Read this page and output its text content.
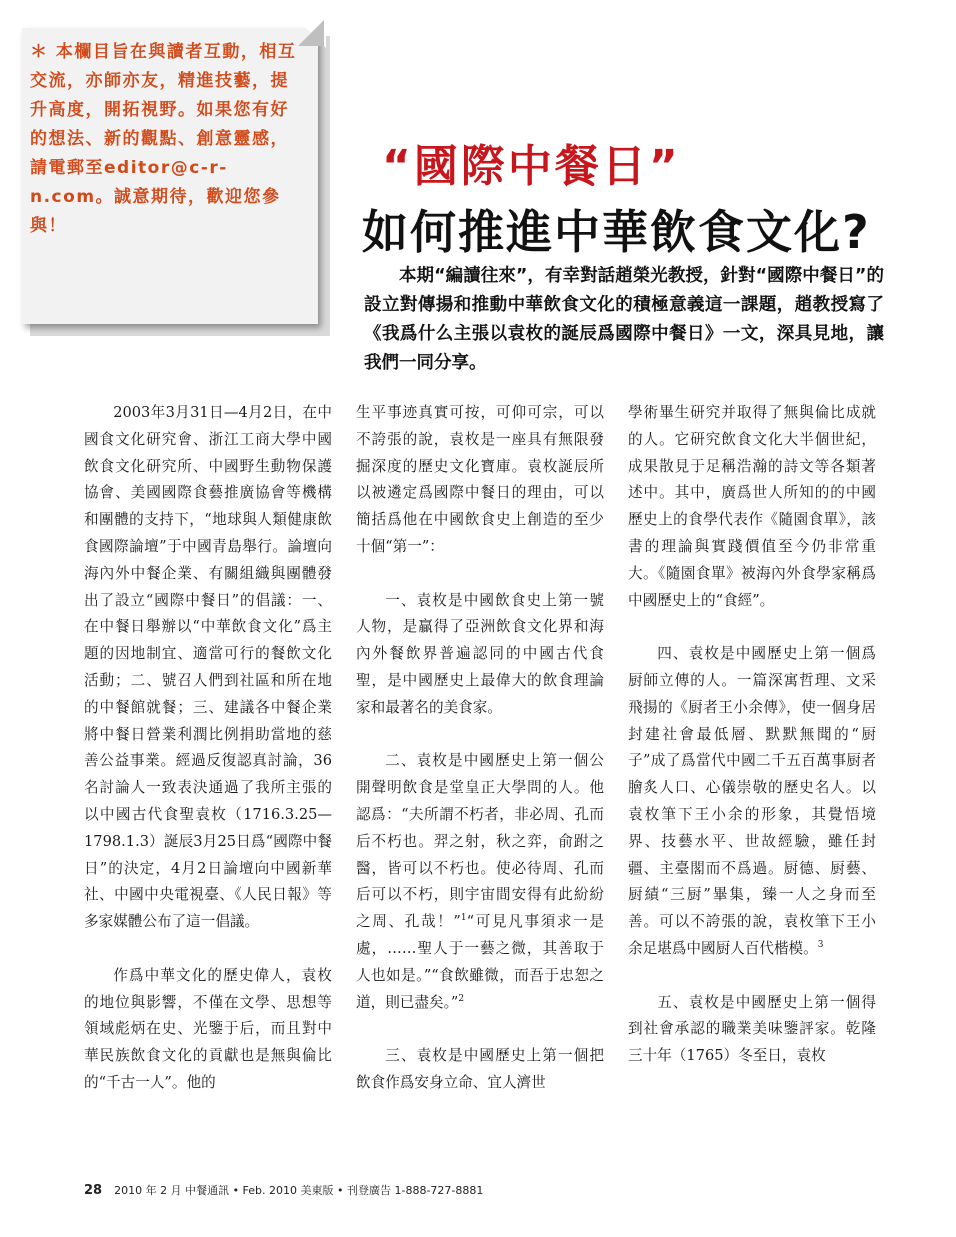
＊ 本欄目旨在與讀者互動，相互交流，亦師亦友，精進技藝，提升高度，開拓視野。如果您有好的想法、新的觀點、創意靈感，請電郵至editor@c-r-n.com。誠意期待，歡迎您參與！
“國際中餐日”
如何推進中華飲食文化?
本期“編讀往來”，有幸對話趙榮光教授，針對“國際中餐日”的設立對傳揚和推動中華飲食文化的積極意義這一課題，趙教授寫了《我爲什么主張以袁枚的誕辰爲國際中餐日》一文，深具見地，讓我們一同分享。

2003年3月31日—4月2日，在中國食文化研究會、浙江工商大學中國飲食文化研究所、中國野生動物保護協會、美國國際食藝推廣協會等機構和團體的支持下，“地球與人類健康飲食國際論壇”于中國青島舉行。論壇向海內外中餐企業、有關組織與團體發出了設立“國際中餐日”的倡議：一、在中餐日舉辦以“中華飲食文化”爲主題的因地制宜、適當可行的餐飲文化活動；二、號召人們到社區和所在地的中餐館就餐；三、建議各中餐企業將中餐日營業利潤比例捐助當地的慈善公益事業。經過反復認真討論，36名討論人一致表決通過了我所主張的以中國古代食聖袁枚（1716.3.25—1798.1.3）誕辰3月25日爲“國際中餐日”的決定，4月2日論壇向中國新華社、中國中央電視臺、《人民日報》等多家媒體公布了這一倡議。

作爲中華文化的歷史偉人，袁枚的地位與影響，不僅在文學、思想等領域彪炳在史、光鑒于后，而且對中華民族飲食文化的貢獻也是無與倫比的“千古一人”。他的

生平事迹真實可按，可仰可宗，可以不誇張的說，袁枚是一座具有無限發掘深度的歷史文化寶庫。袁枚誕辰所以被遴定爲國際中餐日的理由，可以簡括爲他在中國飲食史上創造的至少十個“第一”：

一、袁枚是中國飲食史上第一號人物，是贏得了亞洲飲食文化界和海內外餐飲界普遍認同的中國古代食聖，是中國歷史上最偉大的飲食理論家和最著名的美食家。

二、袁枚是中國歷史上第一個公開聲明飲食是堂皇正大學問的人。他認爲：“夫所謂不朽者，非必周、孔而后不朽也。羿之射，秋之弈，俞跗之醫，皆可以不朽也。使必待周、孔而后可以不朽，則宇宙間安得有此紛紛之周、孔哉！”$^1$“可見凡事須求一是處，……聖人于一藝之微，其善取于人也如是。”“食飲雖微，而吾于忠恕之道，則已盡矣。”$^2$

三、袁枚是中國歷史上第一個把飲食作爲安身立命、宜人濟世

學術畢生研究并取得了無與倫比成就的人。它研究飲食文化大半個世紀，成果散見于足稱浩瀚的詩文等各類著述中。其中，廣爲世人所知的的中國歷史上的食學代表作《隨園食單》，該書的理論與實踐價值至今仍非常重大。《隨園食單》被海內外食學家稱爲中國歷史上的“食經”。

四、袁枚是中國歷史上第一個爲厨師立傳的人。一篇深寓哲理、文采飛揚的《厨者王小余傳》，使一個身居封建社會最低層、默默無聞的“厨子”成了爲當代中國二千五百萬事厨者膾炙人口、心儀崇敬的歷史名人。以袁枚筆下王小余的形象，其覺悟境界、技藝水平、世故經驗，雖任封疆、主臺閣而不爲過。厨德、厨藝、厨績“三厨”畢集，臻一人之身而至善。可以不誇張的說，袁枚筆下王小余足堪爲中國厨人百代楷模。$^3$

五、袁枚是中國歷史上第一個得到社會承認的職業美味鑒評家。乾隆三十年（1765）冬至日，袁枚

28 2010 年 2 月 中餐通訊 • Feb. 2010 美東版 • 刊登廣告 1-888-727-8881
